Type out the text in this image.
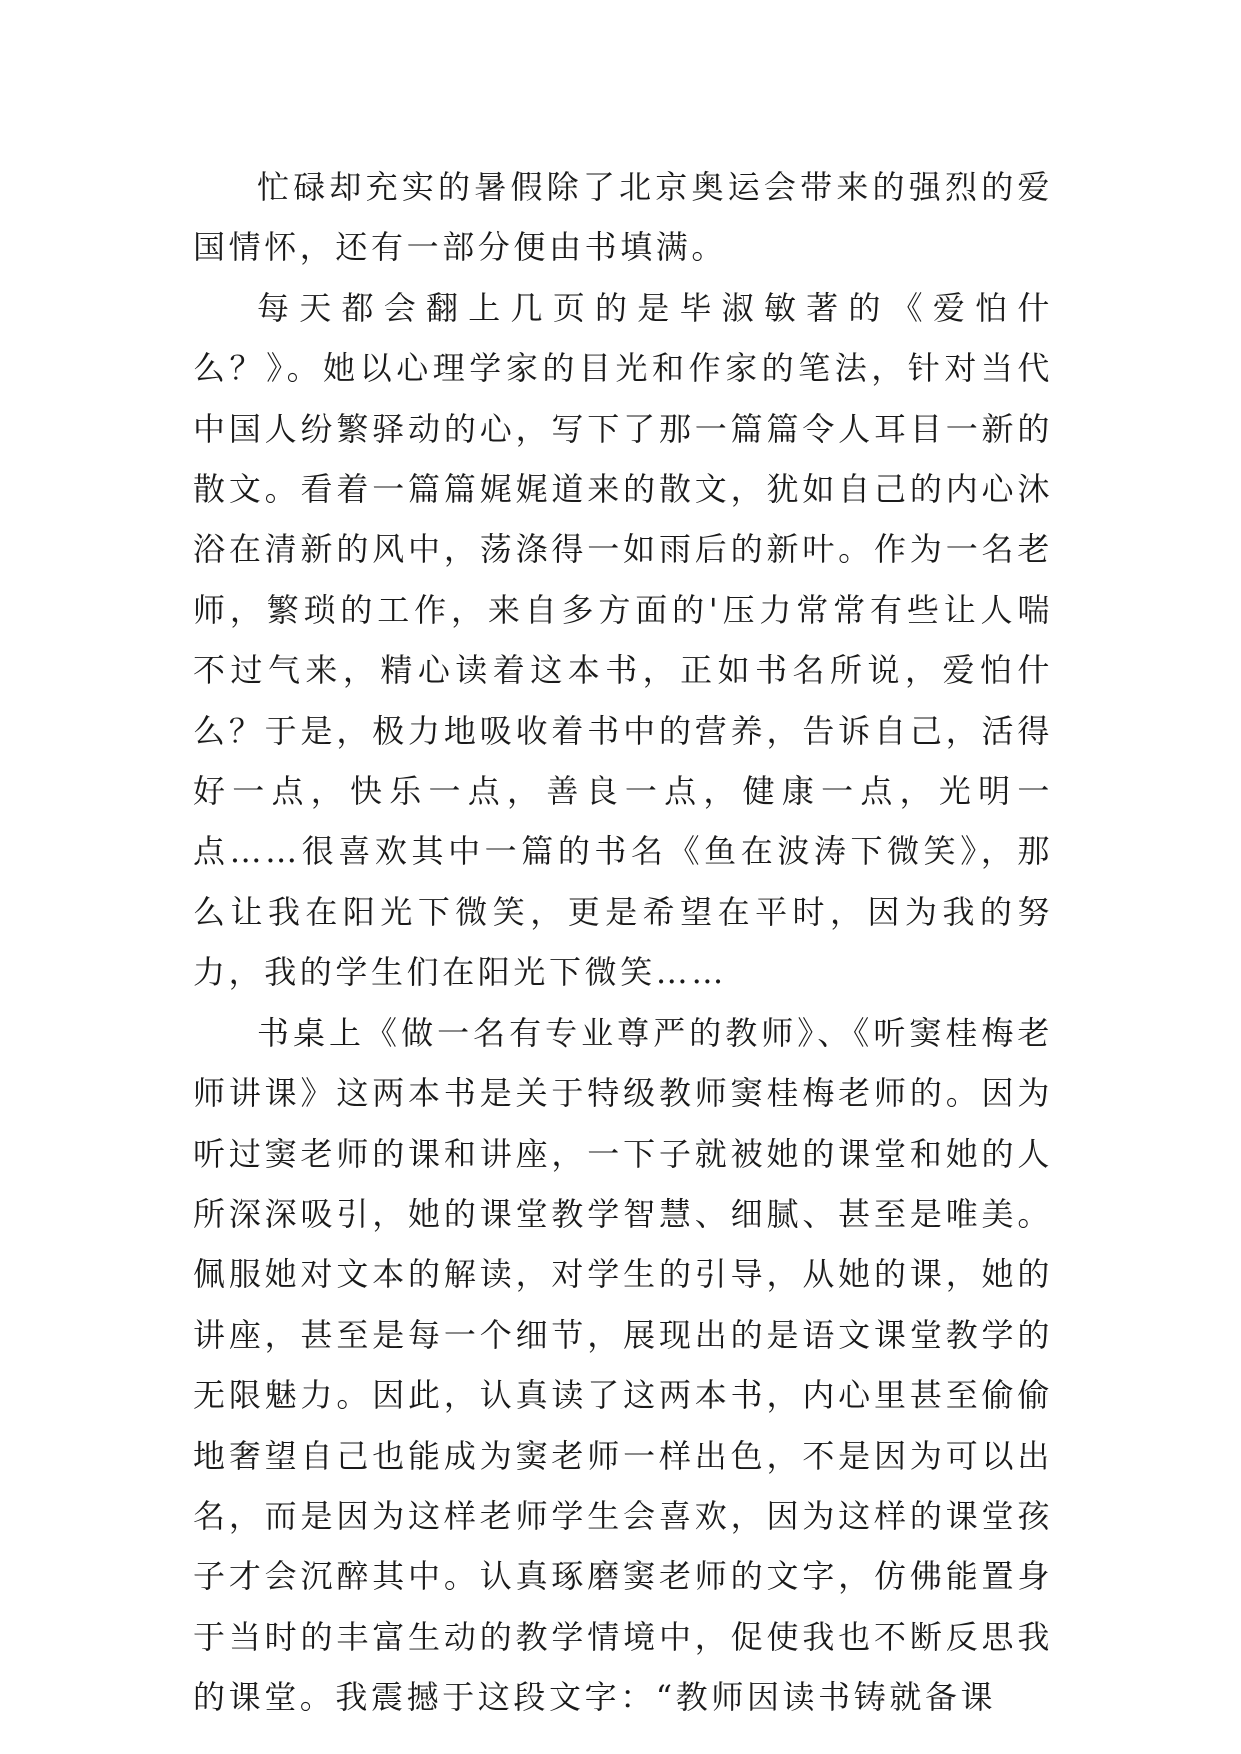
忙碌却充实的暑假除了北京奥运会带来的强烈的爱国情怀，还有一部分便由书填满。

每天都会翻上几页的是毕淑敏著的《爱怕什么？》。她以心理学家的目光和作家的笔法，针对当代中国人纷繁驿动的心，写下了那一篇篇令人耳目一新的散文。看着一篇篇娓娓道来的散文，犹如自己的内心沐浴在清新的风中，荡涤得一如雨后的新叶。作为一名老师，繁琐的工作，来自多方面的'压力常常有些让人喘不过气来，精心读着这本书，正如书名所说，爱怕什么？于是，极力地吸收着书中的营养，告诉自己，活得好一点，快乐一点，善良一点，健康一点，光明一点……很喜欢其中一篇的书名《鱼在波涛下微笑》，那么让我在阳光下微笑，更是希望在平时，因为我的努力，我的学生们在阳光下微笑……

书桌上《做一名有专业尊严的教师》、《听窦桂梅老师讲课》这两本书是关于特级教师窦桂梅老师的。因为听过窦老师的课和讲座，一下子就被她的课堂和她的人所深深吸引，她的课堂教学智慧、细腻、甚至是唯美。佩服她对文本的解读，对学生的引导，从她的课，她的讲座，甚至是每一个细节，展现出的是语文课堂教学的无限魅力。因此，认真读了这两本书，内心里甚至偷偷地奢望自己也能成为窦老师一样出色，不是因为可以出名，而是因为这样老师学生会喜欢，因为这样的课堂孩子才会沉醉其中。认真琢磨窦老师的文字，仿佛能置身于当时的丰富生动的教学情境中，促使我也不断反思我的课堂。我震撼于这段文字：“教师因读书铸就备课
